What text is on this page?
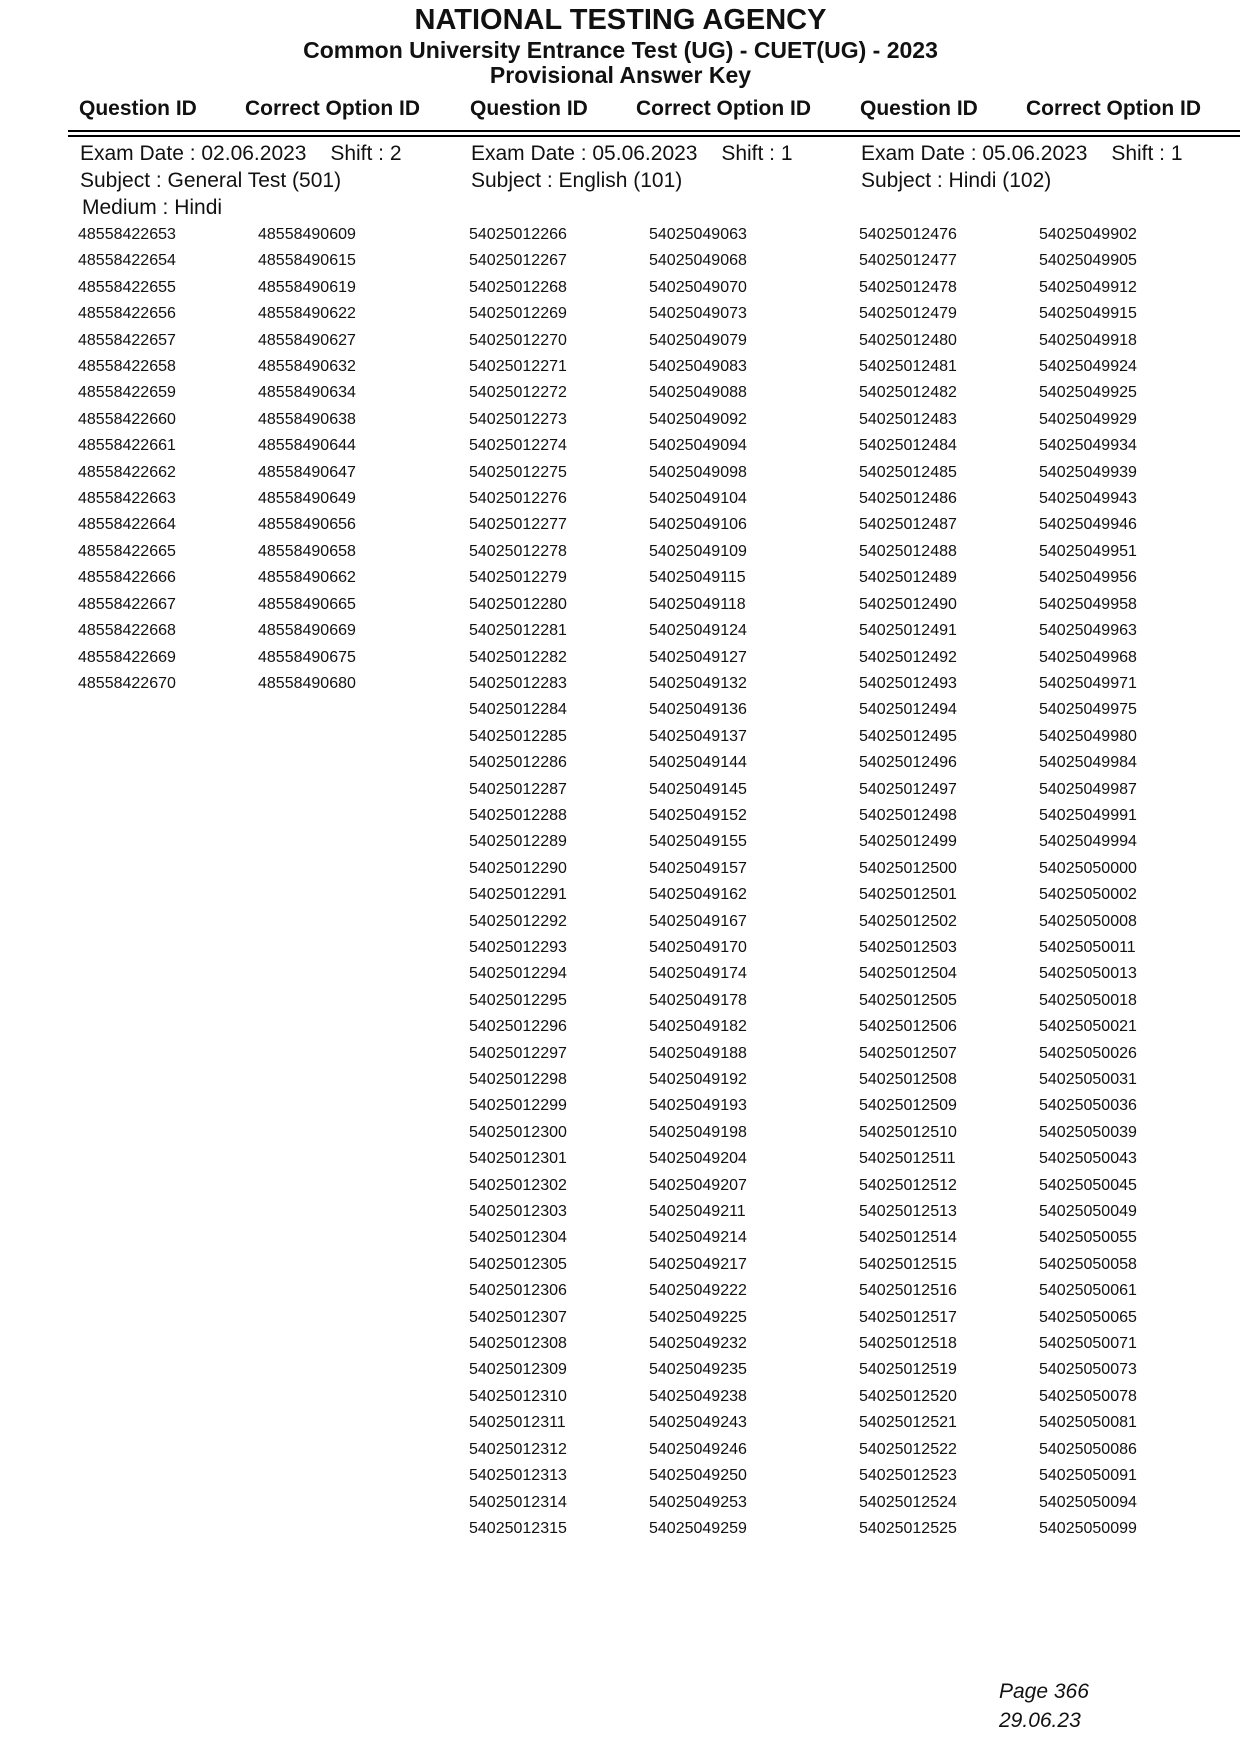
NATIONAL TESTING AGENCY
Common University Entrance Test (UG) - CUET(UG) - 2023
Provisional Answer Key
Question ID Correct Option ID Question ID Correct Option ID Question ID Correct Option ID
Exam Date : 02.06.2023 Shift : 2
Subject : General Test (501)
Medium : Hindi
48558422653	48558490609
48558422654	48558490615
48558422655	48558490619
48558422656	48558490622
48558422657	48558490627
48558422658	48558490632
48558422659	48558490634
48558422660	48558490638
48558422661	48558490644
48558422662	48558490647
48558422663	48558490649
48558422664	48558490656
48558422665	48558490658
48558422666	48558490662
48558422667	48558490665
48558422668	48558490669
48558422669	48558490675
48558422670	48558490680
Exam Date : 05.06.2023 Shift : 1
Subject : English (101)
54025012266	54025049063
54025012267	54025049068
54025012268	54025049070
54025012269	54025049073
54025012270	54025049079
54025012271	54025049083
54025012272	54025049088
54025012273	54025049092
54025012274	54025049094
54025012275	54025049098
54025012276	54025049104
54025012277	54025049106
54025012278	54025049109
54025012279	54025049115
54025012280	54025049118
54025012281	54025049124
54025012282	54025049127
54025012283	54025049132
54025012284	54025049136
54025012285	54025049137
54025012286	54025049144
54025012287	54025049145
54025012288	54025049152
54025012289	54025049155
54025012290	54025049157
54025012291	54025049162
54025012292	54025049167
54025012293	54025049170
54025012294	54025049174
54025012295	54025049178
54025012296	54025049182
54025012297	54025049188
54025012298	54025049192
54025012299	54025049193
54025012300	54025049198
54025012301	54025049204
54025012302	54025049207
54025012303	54025049211
54025012304	54025049214
54025012305	54025049217
54025012306	54025049222
54025012307	54025049225
54025012308	54025049232
54025012309	54025049235
54025012310	54025049238
54025012311	54025049243
54025012312	54025049246
54025012313	54025049250
54025012314	54025049253
54025012315	54025049259
Exam Date : 05.06.2023 Shift : 1
Subject : Hindi (102)
54025012476	54025049902
54025012477	54025049905
54025012478	54025049912
54025012479	54025049915
54025012480	54025049918
54025012481	54025049924
54025012482	54025049925
54025012483	54025049929
54025012484	54025049934
54025012485	54025049939
54025012486	54025049943
54025012487	54025049946
54025012488	54025049951
54025012489	54025049956
54025012490	54025049958
54025012491	54025049963
54025012492	54025049968
54025012493	54025049971
54025012494	54025049975
54025012495	54025049980
54025012496	54025049984
54025012497	54025049987
54025012498	54025049991
54025012499	54025049994
54025012500	54025050000
54025012501	54025050002
54025012502	54025050008
54025012503	54025050011
54025012504	54025050013
54025012505	54025050018
54025012506	54025050021
54025012507	54025050026
54025012508	54025050031
54025012509	54025050036
54025012510	54025050039
54025012511	54025050043
54025012512	54025050045
54025012513	54025050049
54025012514	54025050055
54025012515	54025050058
54025012516	54025050061
54025012517	54025050065
54025012518	54025050071
54025012519	54025050073
54025012520	54025050078
54025012521	54025050081
54025012522	54025050086
54025012523	54025050091
54025012524	54025050094
54025012525	54025050099
Page 366
29.06.23
